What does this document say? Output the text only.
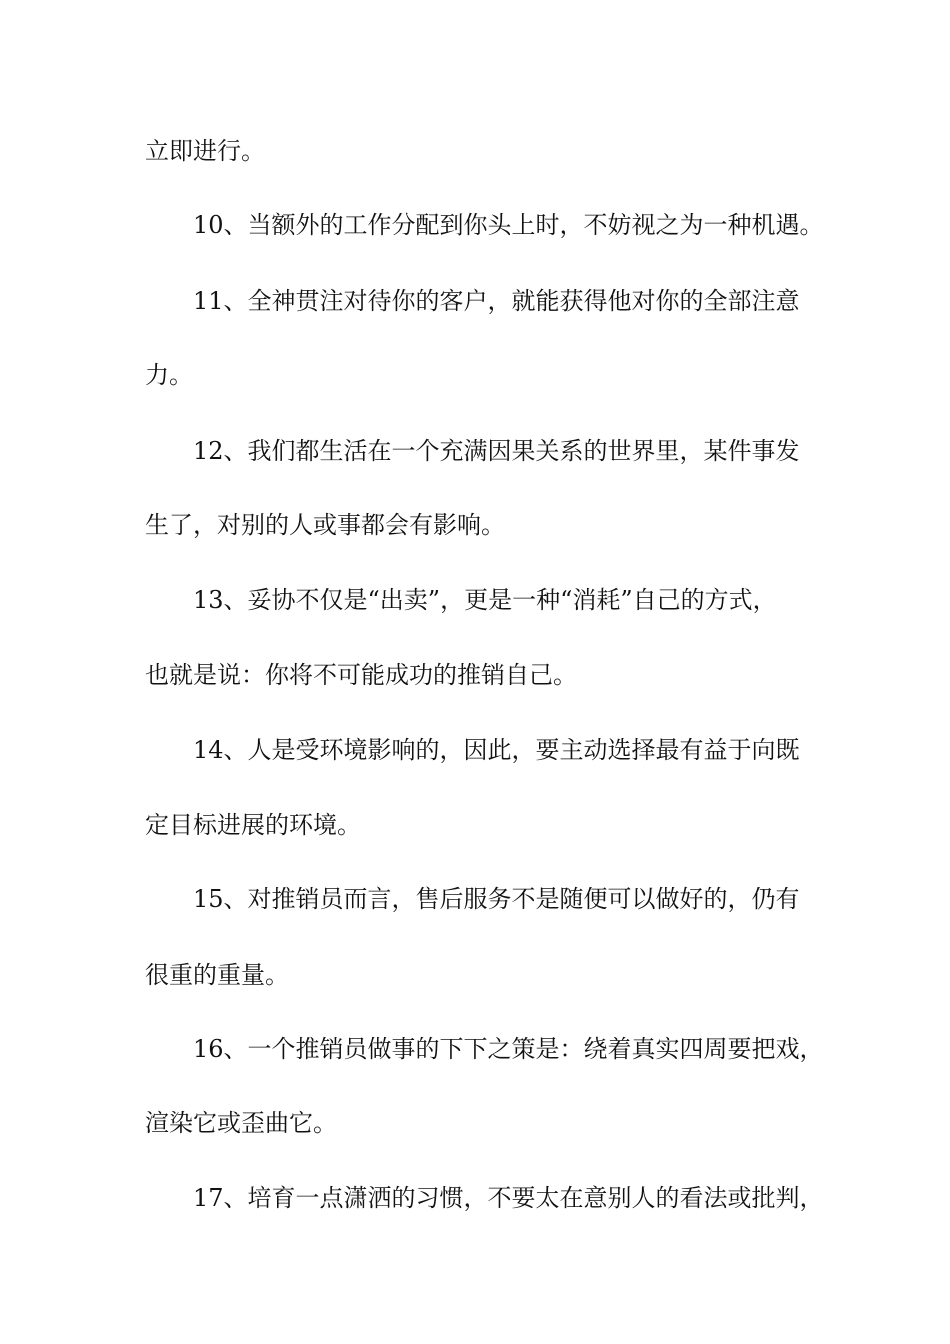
立即进行。
10、当额外的工作分配到你头上时，不妨视之为一种机遇。
11、全神贯注对待你的客户，就能获得他对你的全部注意
力。
12、我们都生活在一个充满因果关系的世界里，某件事发
生了，对别的人或事都会有影响。
13、妥协不仅是“出卖”，更是一种“消耗”自己的方式，
也就是说：你将不可能成功的推销自己。
14、人是受环境影响的，因此，要主动选择最有益于向既
定目标进展的环境。
15、对推销员而言，售后服务不是随便可以做好的，仍有
很重的重量。
16、一个推销员做事的下下之策是：绕着真实四周要把戏，
渲染它或歪曲它。
17、培育一点潇洒的习惯，不要太在意别人的看法或批判，
